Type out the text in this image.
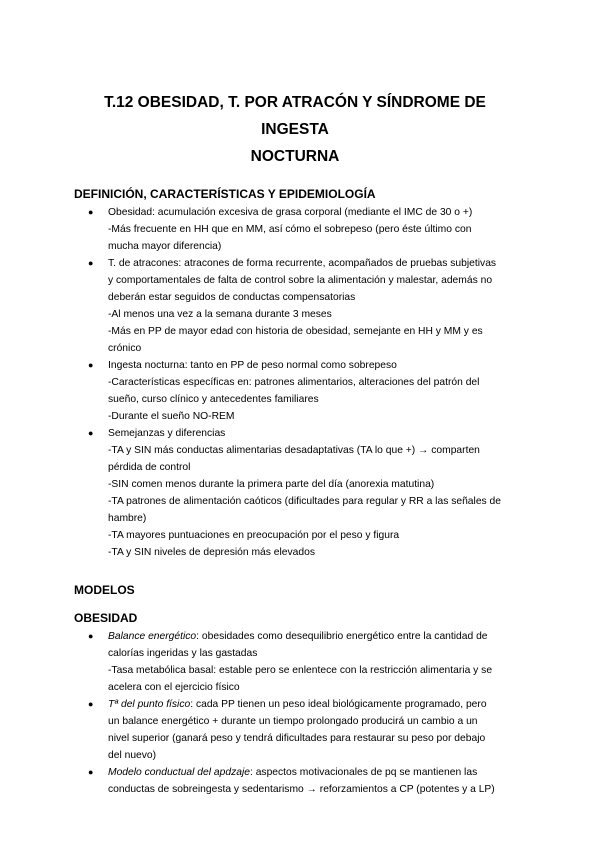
T.12 OBESIDAD, T. POR ATRACÓN Y SÍNDROME DE INGESTA
NOCTURNA
DEFINICIÓN, CARACTERÍSTICAS Y EPIDEMIOLOGÍA
● Obesidad: acumulación excesiva de grasa corporal (mediante el IMC de 30 o +)
-Más frecuente en HH que en MM, así cómo el sobrepeso (pero éste último con
mucha mayor diferencia)
● T. de atracones: atracones de forma recurrente, acompañados de pruebas subjetivas
y comportamentales de falta de control sobre la alimentación y malestar, además no
deberán estar seguidos de conductas compensatorias
-Al menos una vez a la semana durante 3 meses
-Más en PP de mayor edad con historia de obesidad, semejante en HH y MM y es
crónico
● Ingesta nocturna: tanto en PP de peso normal como sobrepeso
-Características específicas en: patrones alimentarios, alteraciones del patrón del
sueño, curso clínico y antecedentes familiares
-Durante el sueño NO-REM
● Semejanzas y diferencias
-TA y SIN más conductas alimentarias desadaptativas (TA lo que +) → comparten
pérdida de control
-SIN comen menos durante la primera parte del día (anorexia matutina)
-TA patrones de alimentación caóticos (dificultades para regular y RR a las señales de
hambre)
-TA mayores puntuaciones en preocupación por el peso y figura
-TA y SIN niveles de depresión más elevados
MODELOS
OBESIDAD
● Balance energético: obesidades como desequilibrio energético entre la cantidad de
calorías ingeridas y las gastadas
-Tasa metabólica basal: estable pero se enlentece con la restricción alimentaria y se
acelera con el ejercicio físico
● Tª del punto físico: cada PP tienen un peso ideal biológicamente programado, pero
un balance energético + durante un tiempo prolongado producirá un cambio a un
nivel superior (ganará peso y tendrá dificultades para restaurar su peso por debajo
del nuevo)
● Modelo conductual del apdzaje: aspectos motivacionales de pq se mantienen las
conductas de sobreingesta y sedentarismo → reforzamientos a CP (potentes y a LP)
